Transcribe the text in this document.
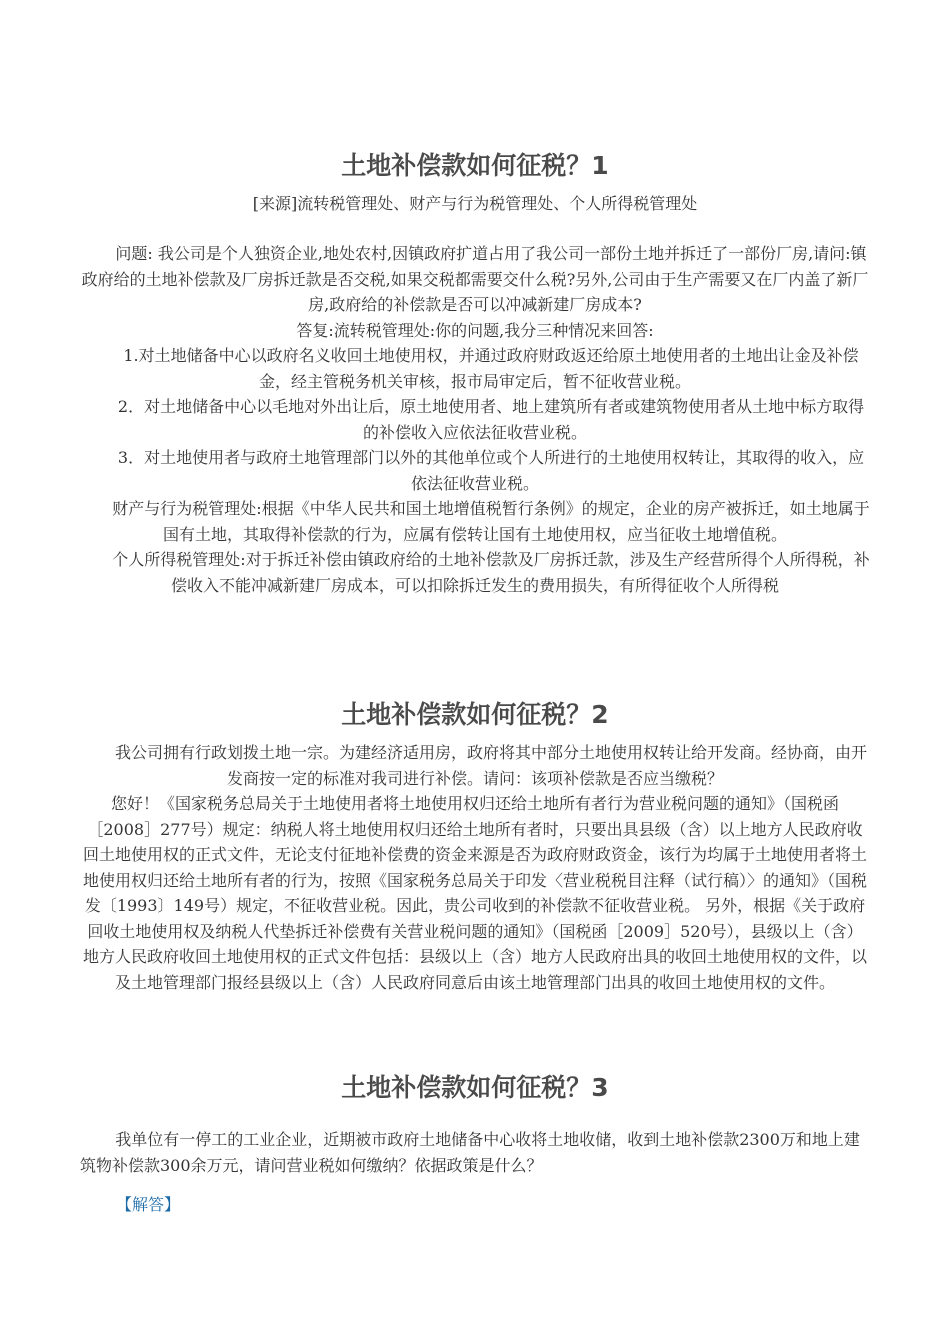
土地补偿款如何征税？1
[来源]流转税管理处、财产与行为税管理处、个人所得税管理处

问题: 我公司是个人独资企业,地处农村,因镇政府扩道占用了我公司一部份土地并拆迁了一部份厂房,请问:镇政府给的土地补偿款及厂房拆迁款是否交税,如果交税都需要交什么税?另外,公司由于生产需要又在厂内盖了新厂房,政府给的补偿款是否可以冲减新建厂房成本?

答复:流转税管理处:你的问题,我分三种情况来回答:

1.对土地储备中心以政府名义收回土地使用权，并通过政府财政返还给原土地使用者的土地出让金及补偿金，经主管税务机关审核，报市局审定后，暂不征收营业税。

2．对土地储备中心以毛地对外出让后，原土地使用者、地上建筑所有者或建筑物使用者从土地中标方取得的补偿收入应依法征收营业税。

3．对土地使用者与政府土地管理部门以外的其他单位或个人所进行的土地使用权转让，其取得的收入，应依法征收营业税。

财产与行为税管理处:根据《中华人民共和国土地增值税暂行条例》的规定，企业的房产被拆迁，如土地属于国有土地，其取得补偿款的行为，应属有偿转让国有土地使用权，应当征收土地增值税。

个人所得税管理处:对于拆迁补偿由镇政府给的土地补偿款及厂房拆迁款，涉及生产经营所得个人所得税，补偿收入不能冲减新建厂房成本，可以扣除拆迁发生的费用损失，有所得征收个人所得税

土地补偿款如何征税？2

我公司拥有行政划拨土地一宗。为建经济适用房，政府将其中部分土地使用权转让给开发商。经协商，由开发商按一定的标准对我司进行补偿。请问：该项补偿款是否应当缴税？

您好！《国家税务总局关于土地使用者将土地使用权归还给土地所有者行为营业税问题的通知》（国税函［2008］277号）规定：纳税人将土地使用权归还给土地所有者时，只要出具县级（含）以上地方人民政府收回土地使用权的正式文件，无论支付征地补偿费的资金来源是否为政府财政资金，该行为均属于土地使用者将土地使用权归还给土地所有者的行为，按照《国家税务总局关于印发〈营业税税目注释（试行稿）〉的通知》（国税发〔1993〕149号）规定，不征收营业税。因此，贵公司收到的补偿款不征收营业税。 另外，根据《关于政府回收土地使用权及纳税人代垫拆迁补偿费有关营业税问题的通知》（国税函［2009］520号），县级以上（含）地方人民政府收回土地使用权的正式文件包括：县级以上（含）地方人民政府出具的收回土地使用权的文件，以及土地管理部门报经县级以上（含）人民政府同意后由该土地管理部门出具的收回土地使用权的文件。

土地补偿款如何征税？3

我单位有一停工的工业企业，近期被市政府土地储备中心收将土地收储，收到土地补偿款2300万和地上建筑物补偿款300余万元，请问营业税如何缴纳？依据政策是什么？

【解答】
